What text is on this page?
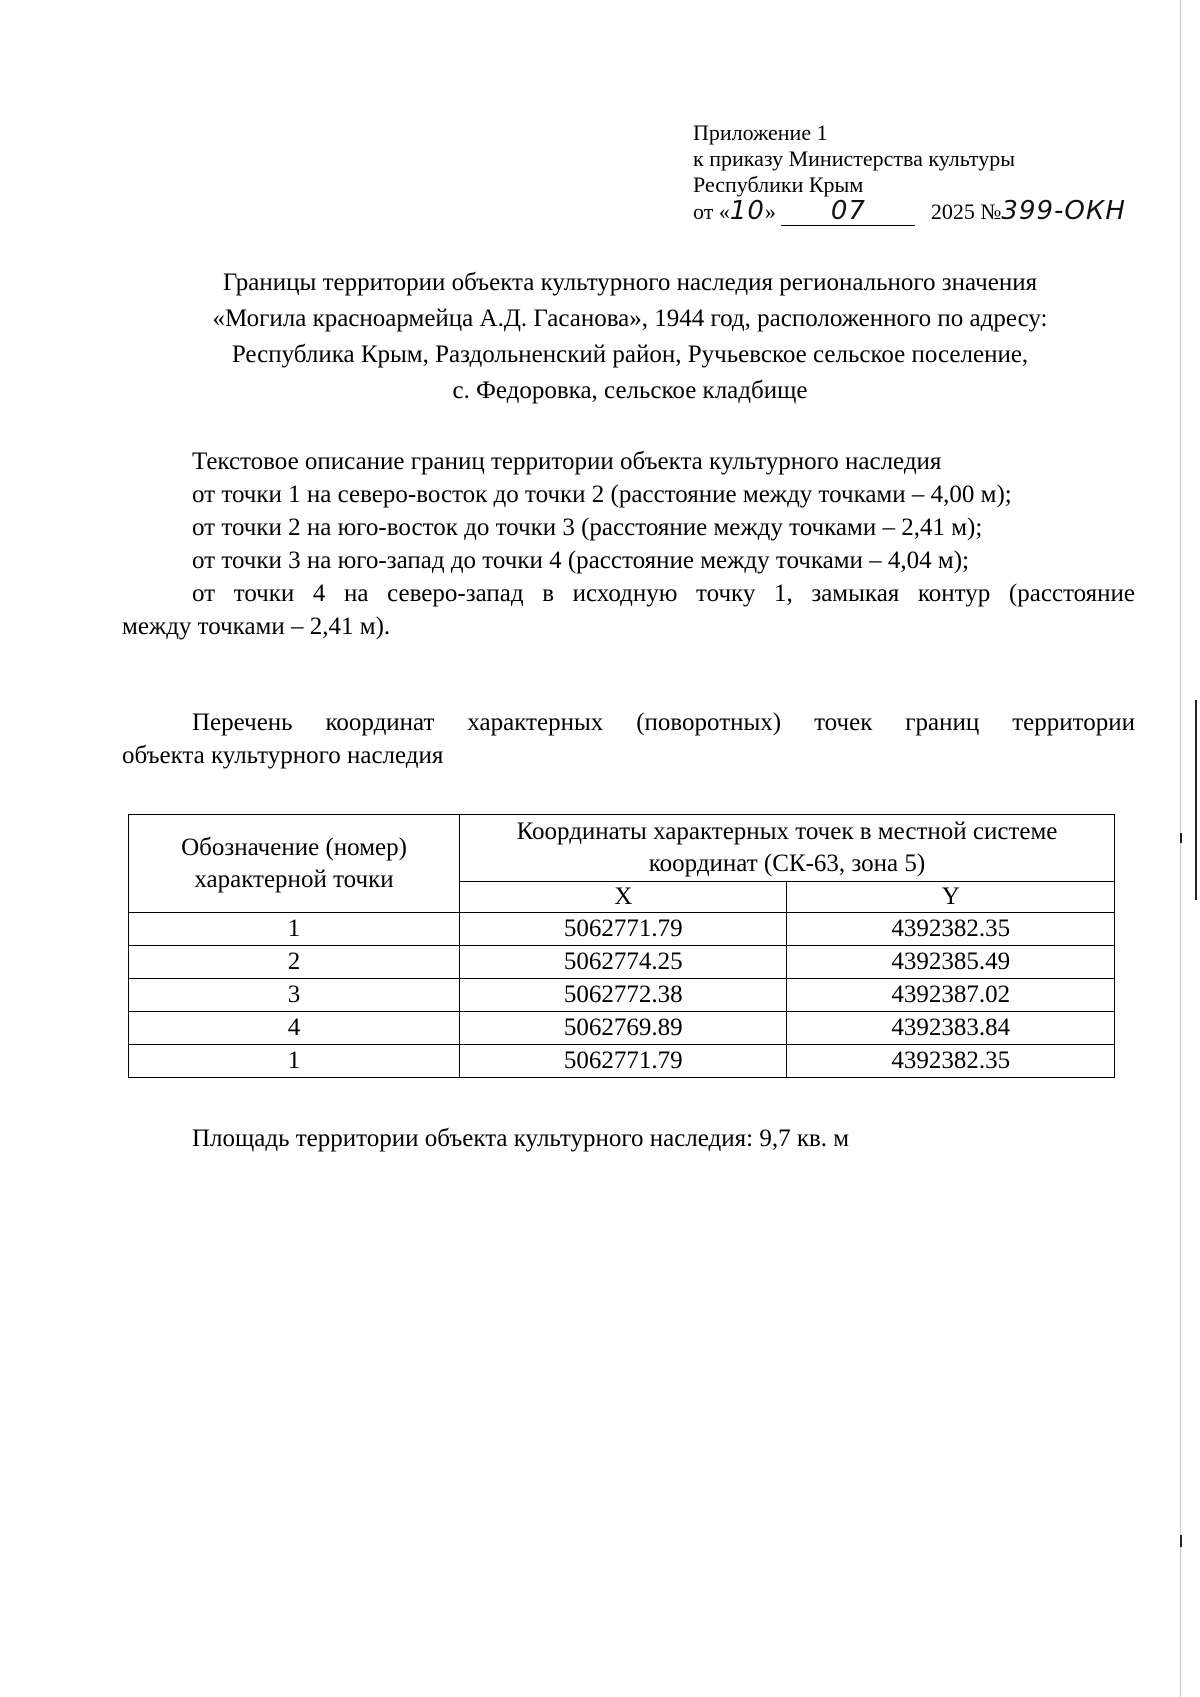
Приложение 1
к приказу Министерства культуры
Республики Крым
от «10» 07	2025 №399-ОКН
Границы территории объекта культурного наследия регионального значения
«Могила красноармейца А.Д. Гасанова», 1944 год, расположенного по адресу:
Республика Крым, Раздольненский район, Ручьевское сельское поселение,
с. Федоровка, сельское кладбище
Текстовое описание границ территории объекта культурного наследия
от точки 1 на северо-восток до точки 2 (расстояние между точками – 4,00 м);
от точки 2 на юго-восток до точки 3 (расстояние между точками – 2,41 м);
от точки 3 на юго-запад до точки 4 (расстояние между точками – 4,04 м);
от точки 4 на северо-запад в исходную точку 1, замыкая контур (расстояние
между точками – 2,41 м).
Перечень координат характерных (поворотных) точек границ территории
объекта культурного наследия
Обозначение (номер) характерной точки	Координаты характерных точек в местной системе координат (СК-63, зона 5)	
	X	Y
1	5062771.79	4392382.35
2	5062774.25	4392385.49
3	5062772.38	4392387.02
4	5062769.89	4392383.84
1	5062771.79	4392382.35
Площадь территории объекта культурного наследия: 9,7 кв. м
